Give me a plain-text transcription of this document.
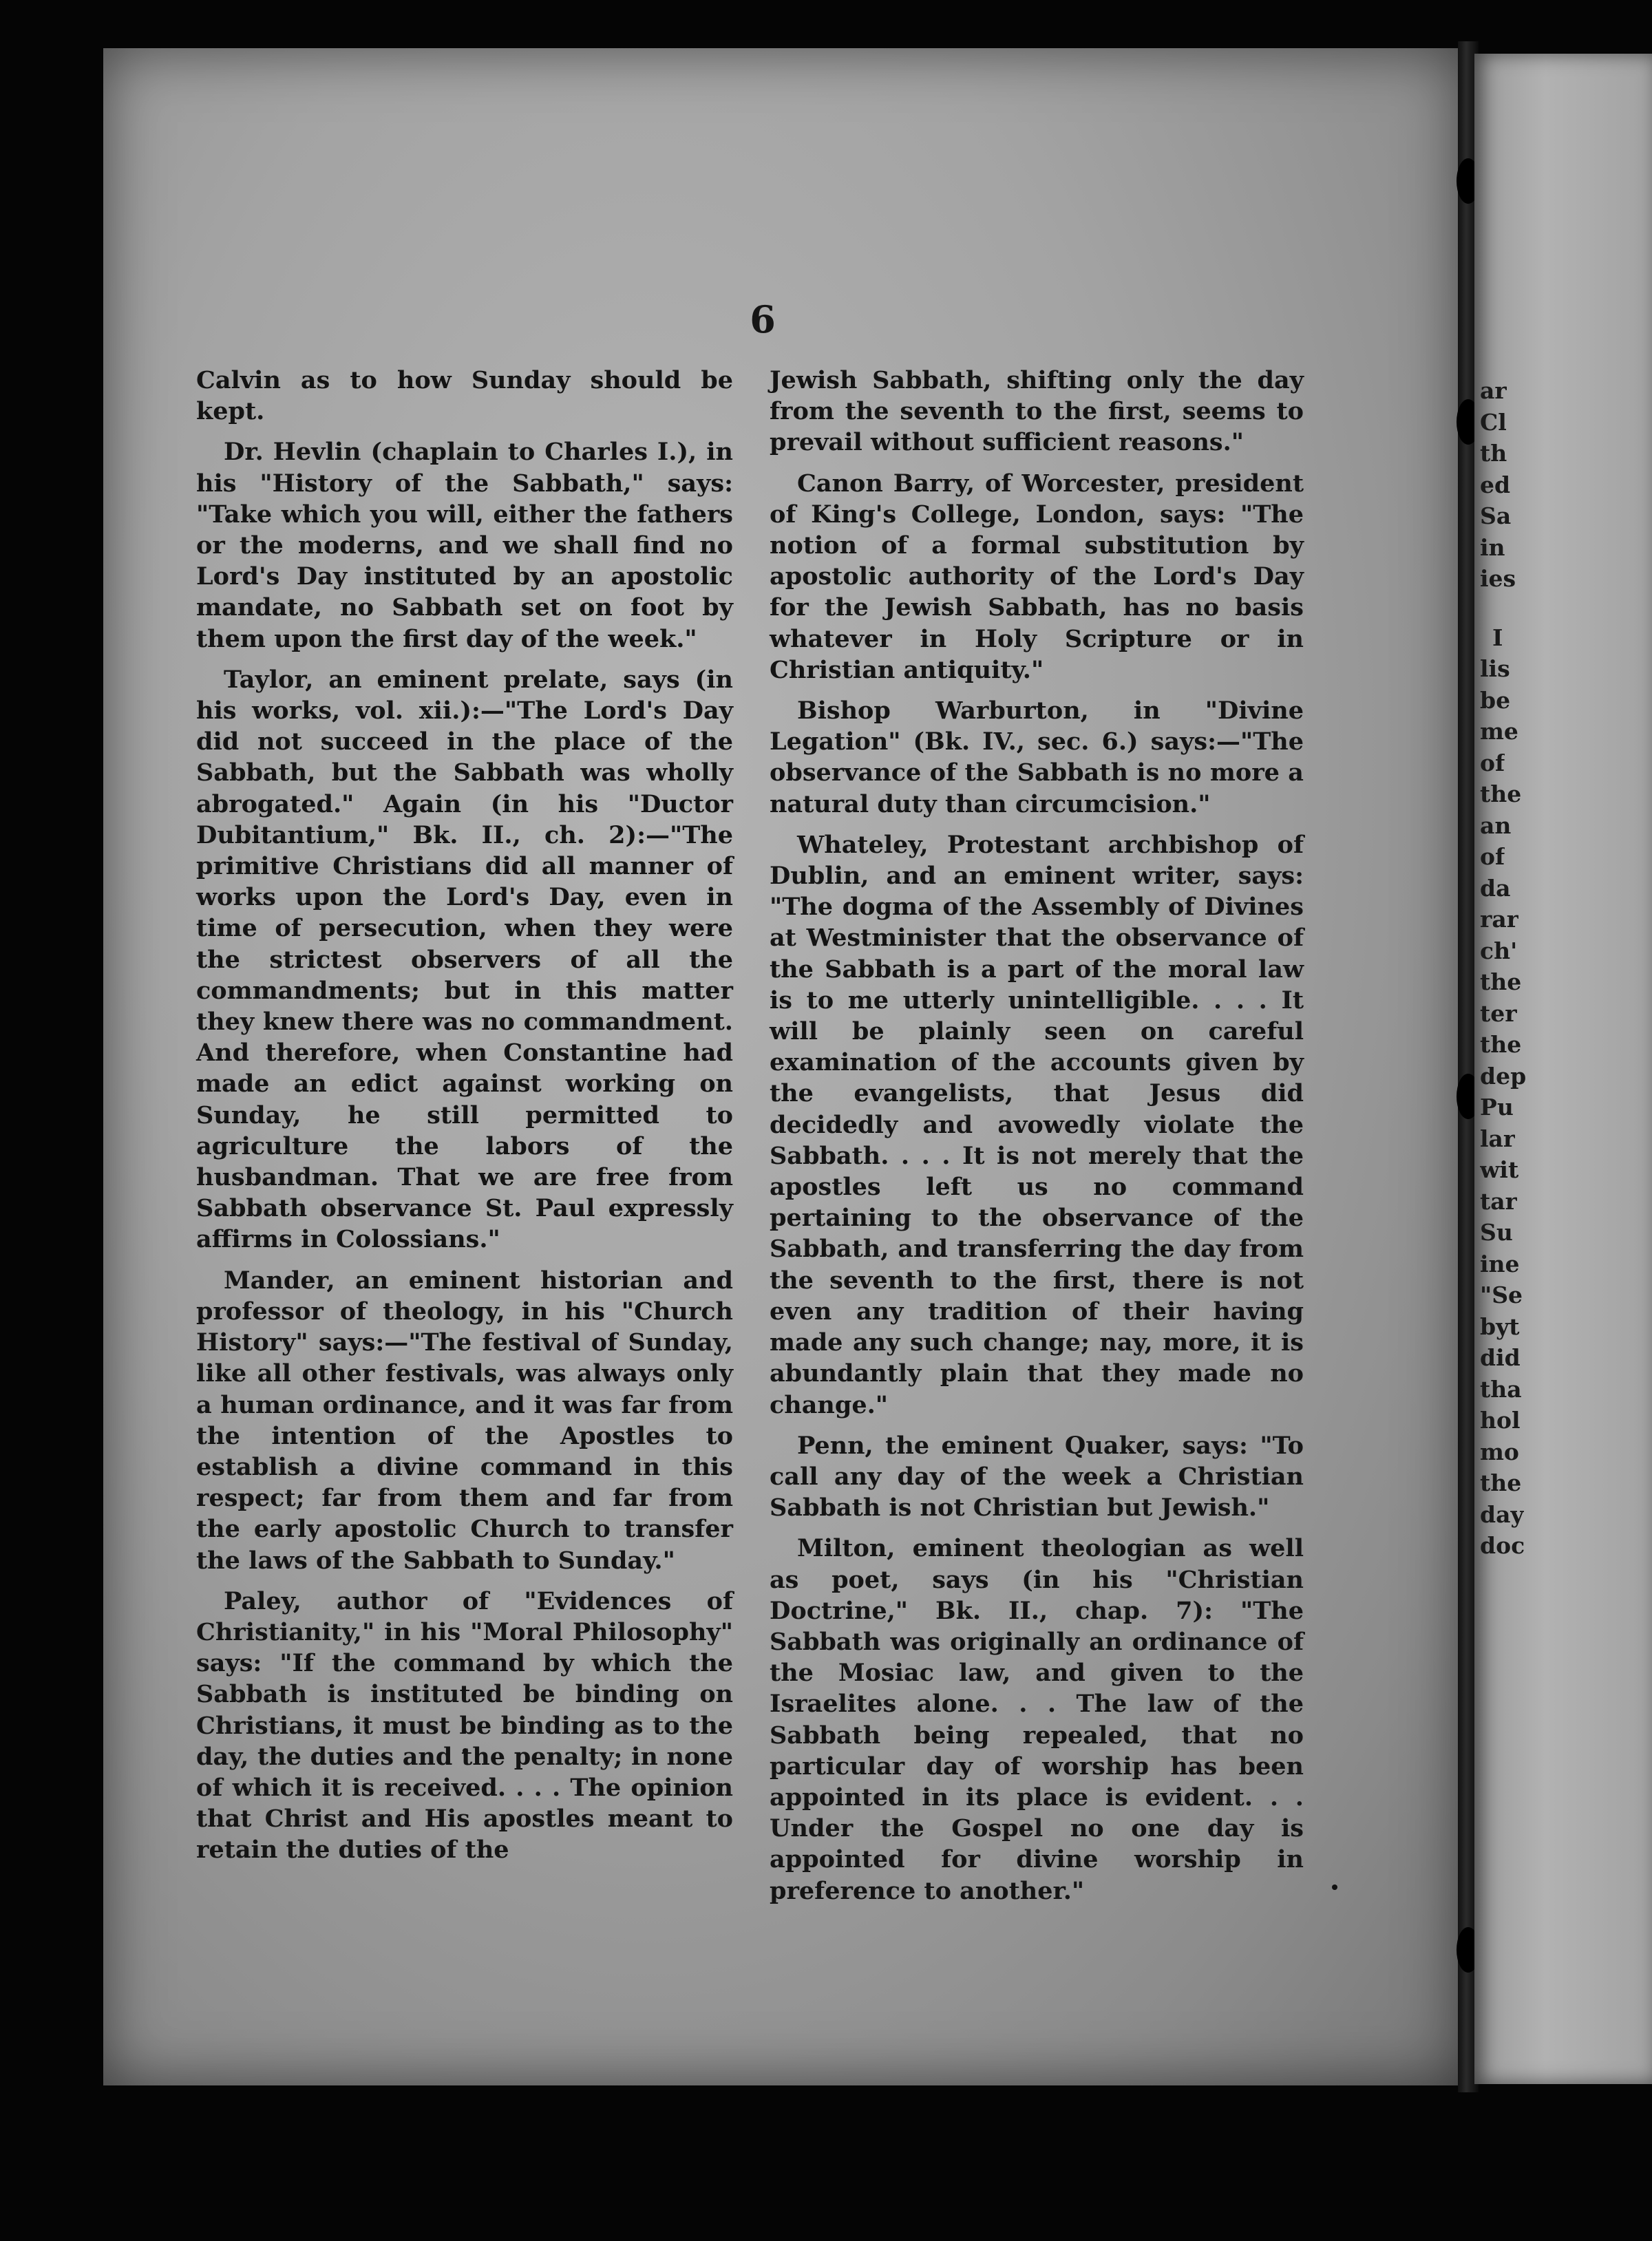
ar
Cl
th
ed
Sa
in
ies
I
lis
be
me
of
the
an
of
da
rar
ch'
the
ter
the
dep
Pu
lar
wit
tar
Su
ine
"Se
byt
did
tha
hol
mo
the
day
doc
6

Calvin as to how Sunday should be kept.

Dr. Hevlin (chaplain to Charles I.), in his "History of the Sabbath," says: "Take which you will, either the fathers or the moderns, and we shall find no Lord's Day instituted by an apostolic mandate, no Sabbath set on foot by them upon the first day of the week."

Taylor, an eminent prelate, says (in his works, vol. xii.):—"The Lord's Day did not succeed in the place of the Sabbath, but the Sabbath was wholly abrogated." Again (in his "Ductor Dubitantium," Bk. II., ch. 2):—"The primitive Christians did all manner of works upon the Lord's Day, even in time of persecution, when they were the strictest observers of all the commandments; but in this matter they knew there was no commandment. And therefore, when Constantine had made an edict against working on Sunday, he still permitted to agriculture the labors of the husbandman. That we are free from Sabbath observance St. Paul expressly affirms in Colossians."

Mander, an eminent historian and professor of theology, in his "Church History" says:—"The festival of Sunday, like all other festivals, was always only a human ordinance, and it was far from the intention of the Apostles to establish a divine command in this respect; far from them and far from the early apostolic Church to transfer the laws of the Sabbath to Sunday."

Paley, author of "Evidences of Christianity," in his "Moral Philosophy" says: "If the command by which the Sabbath is instituted be binding on Christians, it must be binding as to the day, the duties and the penalty; in none of which it is received. . . . The opinion that Christ and His apostles meant to retain the duties of the

Jewish Sabbath, shifting only the day from the seventh to the first, seems to prevail without sufficient reasons."

Canon Barry, of Worcester, president of King's College, London, says: "The notion of a formal substitution by apostolic authority of the Lord's Day for the Jewish Sabbath, has no basis whatever in Holy Scripture or in Christian antiquity."

Bishop Warburton, in "Divine Legation" (Bk. IV., sec. 6.) says:—"The observance of the Sabbath is no more a natural duty than circumcision."

Whateley, Protestant archbishop of Dublin, and an eminent writer, says: "The dogma of the Assembly of Divines at Westminister that the observance of the Sabbath is a part of the moral law is to me utterly unintelligible. . . . It will be plainly seen on careful examination of the accounts given by the evangelists, that Jesus did decidedly and avowedly violate the Sabbath. . . . It is not merely that the apostles left us no command pertaining to the observance of the Sabbath, and transferring the day from the seventh to the first, there is not even any tradition of their having made any such change; nay, more, it is abundantly plain that they made no change."

Penn, the eminent Quaker, says: "To call any day of the week a Christian Sabbath is not Christian but Jewish."

Milton, eminent theologian as well as poet, says (in his "Christian Doctrine," Bk. II., chap. 7): "The Sabbath was originally an ordinance of the Mosiac law, and given to the Israelites alone. . . The law of the Sabbath being repealed, that no particular day of worship has been appointed in its place is evident. . . Under the Gospel no one day is appointed for divine worship in preference to another."
